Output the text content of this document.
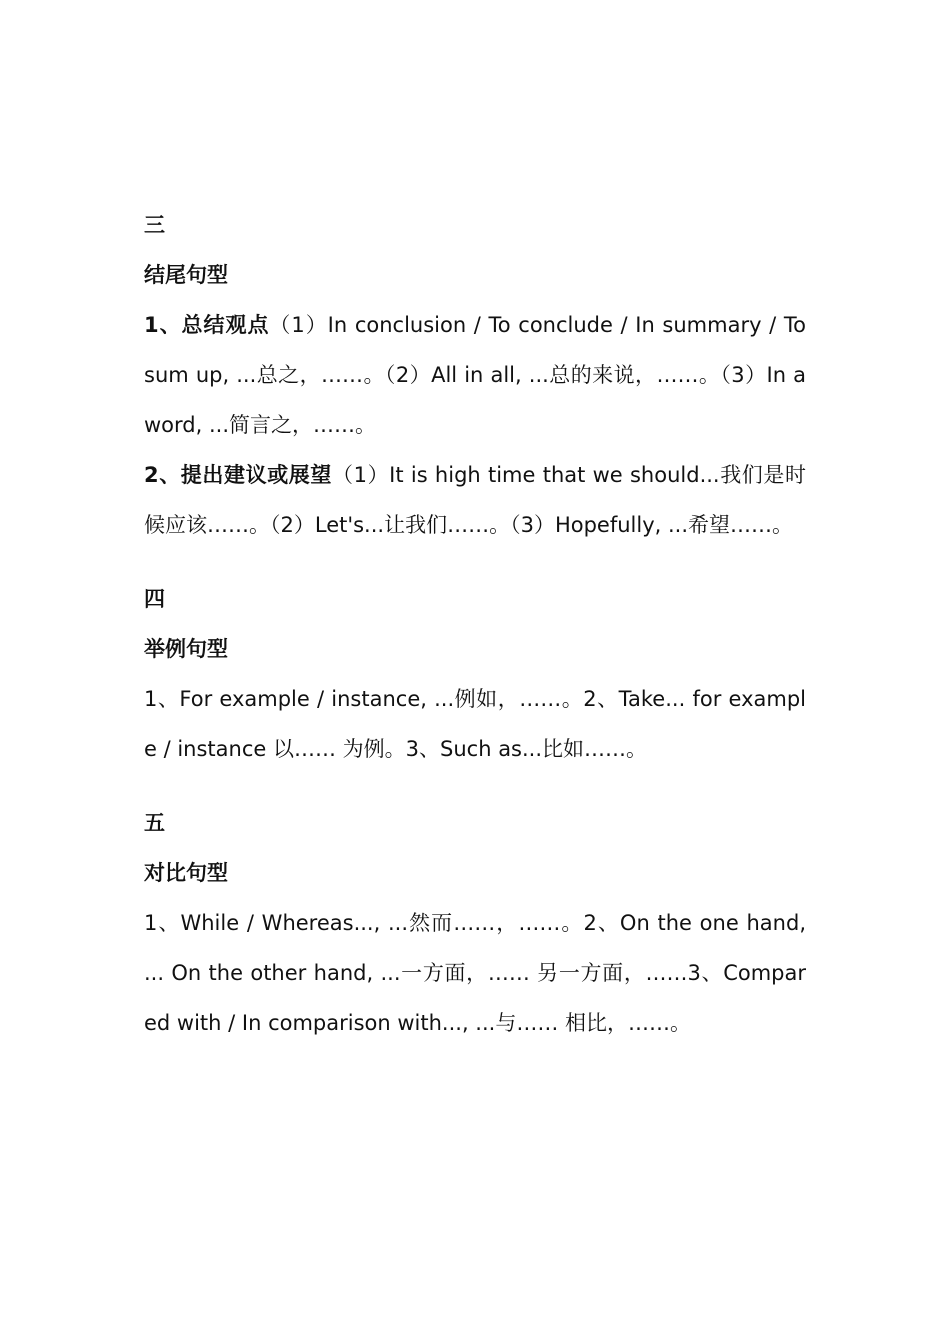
三
结尾句型
1、总结观点（1）In conclusion / To conclude / In summary / To sum up, ...总之，……。（2）All in all, ...总的来说，……。（3）In a word, ...简言之，……。
2、提出建议或展望（1）It is high time that we should...我们是时候应该……。（2）Let's...让我们……。（3）Hopefully, ...希望……。
四
举例句型
1、For example / instance, ...例如，……。2、Take... for example / instance 以…… 为例。3、Such as...比如……。
五
对比句型
1、While / Whereas..., ...然而……，……。2、On the one hand, ... On the other hand, ...一方面，…… 另一方面，……3、Compared with / In comparison with..., ...与…… 相比，……。
